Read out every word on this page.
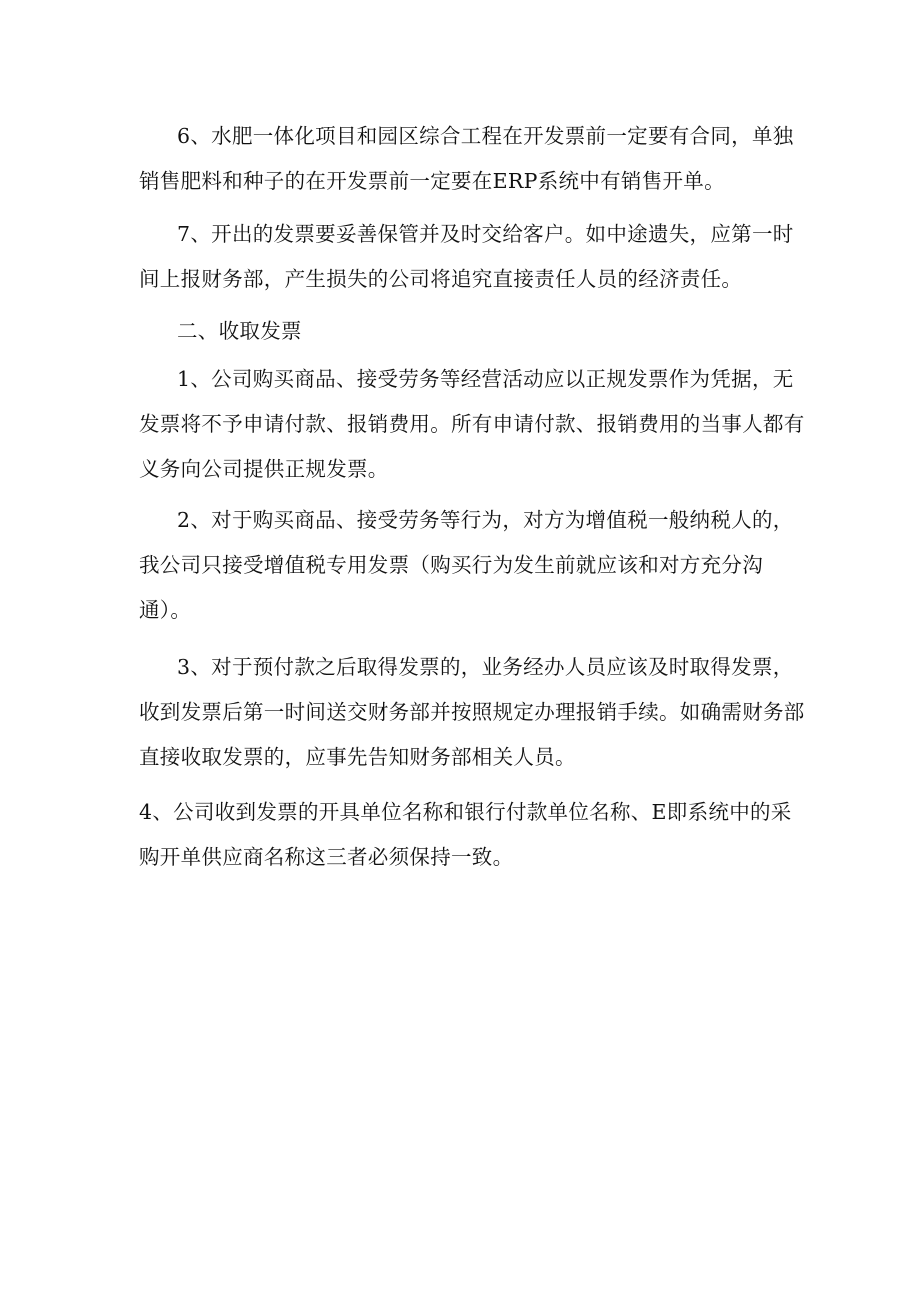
6、水肥一体化项目和园区综合工程在开发票前一定要有合同，单独
销售肥料和种子的在开发票前一定要在ERP系统中有销售开单。

7、开出的发票要妥善保管并及时交给客户。如中途遗失，应第一时
间上报财务部，产生损失的公司将追究直接责任人员的经济责任。

二、收取发票

1、公司购买商品、接受劳务等经营活动应以正规发票作为凭据，无
发票将不予申请付款、报销费用。所有申请付款、报销费用的当事人都有
义务向公司提供正规发票。

2、对于购买商品、接受劳务等行为，对方为增值税一般纳税人的，
我公司只接受增值税专用发票（购买行为发生前就应该和对方充分沟
通）。

3、对于预付款之后取得发票的，业务经办人员应该及时取得发票，
收到发票后第一时间送交财务部并按照规定办理报销手续。如确需财务部
直接收取发票的，应事先告知财务部相关人员。

4、公司收到发票的开具单位名称和银行付款单位名称、E即系统中的采
购开单供应商名称这三者必须保持一致。
